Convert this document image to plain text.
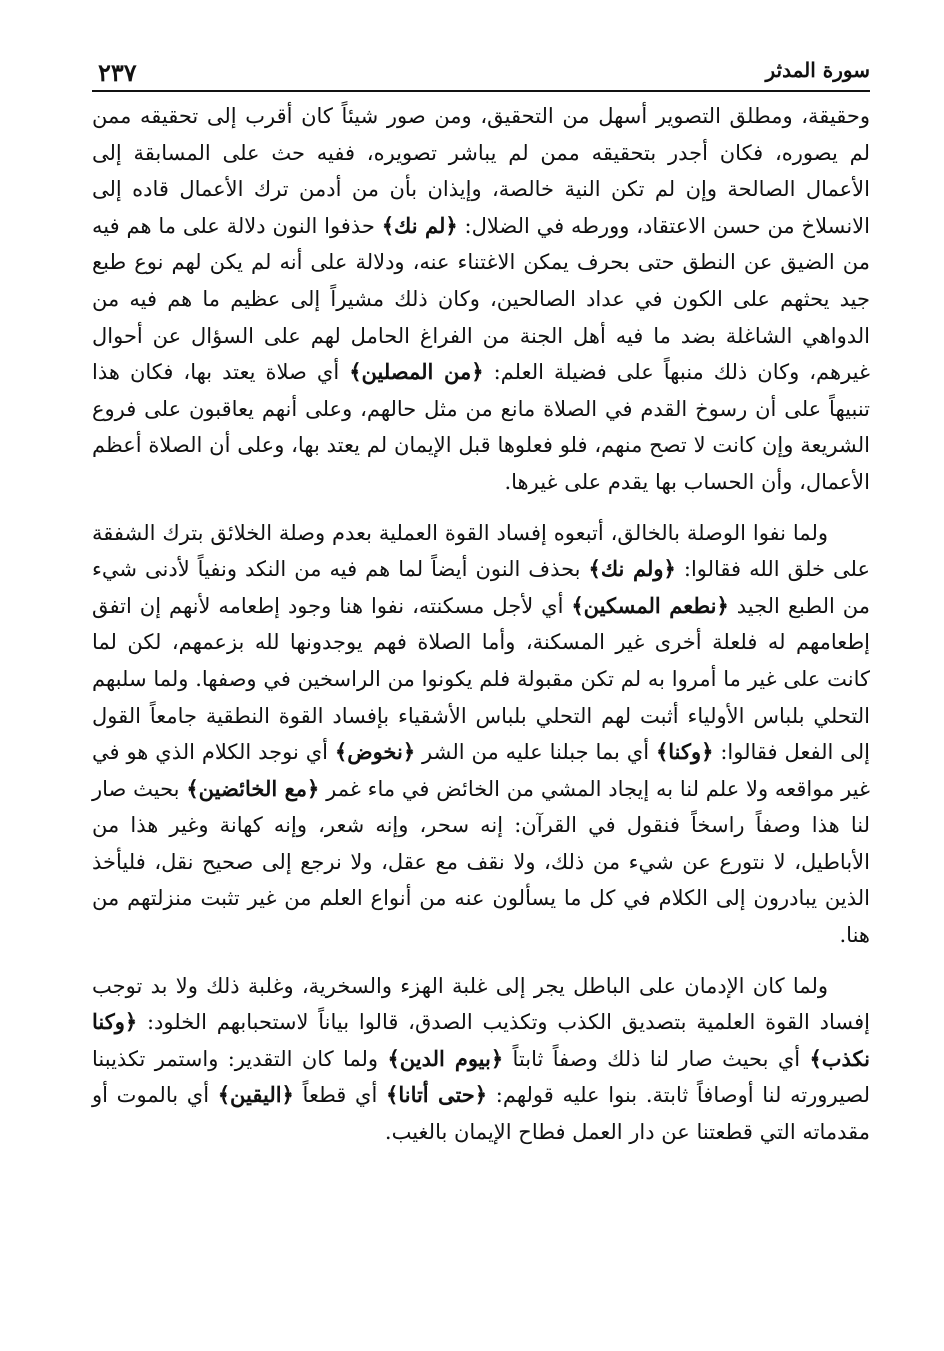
٢٣٧	سورة المدثر

وحقيقة، ومطلق التصوير أسهل من التحقيق، ومن صور شيئاً كان أقرب إلى تحقيقه ممن لم يصوره، فكان أجدر بتحقيقه ممن لم يباشر تصويره، ففيه حث على المسابقة إلى الأعمال الصالحة وإن لم تكن النية خالصة، وإيذان بأن من أدمن ترك الأعمال قاده إلى الانسلاخ من حسن الاعتقاد، وورطه في الضلال: ﴿لم نك﴾ حذفوا النون دلالة على ما هم فيه من الضيق عن النطق حتى بحرف يمكن الاغتناء عنه، ودلالة على أنه لم يكن لهم نوع طبع جيد يحثهم على الكون في عداد الصالحين، وكان ذلك مشيراً إلى عظيم ما هم فيه من الدواهي الشاغلة بضد ما فيه أهل الجنة من الفراغ الحامل لهم على السؤال عن أحوال غيرهم، وكان ذلك منبهاً على فضيلة العلم: ﴿من المصلين﴾ أي صلاة يعتد بها، فكان هذا تنبيهاً على أن رسوخ القدم في الصلاة مانع من مثل حالهم، وعلى أنهم يعاقبون على فروع الشريعة وإن كانت لا تصح منهم، فلو فعلوها قبل الإيمان لم يعتد بها، وعلى أن الصلاة أعظم الأعمال، وأن الحساب بها يقدم على غيرها.

ولما نفوا الوصلة بالخالق، أتبعوه إفساد القوة العملية بعدم وصلة الخلائق بترك الشفقة على خلق الله فقالوا: ﴿ولم نك﴾ بحذف النون أيضاً لما هم فيه من النكد ونفياً لأدنى شيء من الطبع الجيد ﴿نطعم المسكين﴾ أي لأجل مسكنته، نفوا هنا وجود إطعامه لأنهم إن اتفق إطعامهم له فلعلة أخرى غير المسكنة، وأما الصلاة فهم يوجدونها لله بزعمهم، لكن لما كانت على غير ما أمروا به لم تكن مقبولة فلم يكونوا من الراسخين في وصفها. ولما سلبهم التحلي بلباس الأولياء أثبت لهم التحلي بلباس الأشقياء بإفساد القوة النطقية جامعاً القول إلى الفعل فقالوا: ﴿وكنا﴾ أي بما جبلنا عليه من الشر ﴿نخوض﴾ أي نوجد الكلام الذي هو في غير مواقعه ولا علم لنا به إيجاد المشي من الخائض في ماء غمر ﴿مع الخائضين﴾ بحيث صار لنا هذا وصفاً راسخاً فنقول في القرآن: إنه سحر، وإنه شعر، وإنه كهانة وغير هذا من الأباطيل، لا نتورع عن شيء من ذلك، ولا نقف مع عقل، ولا نرجع إلى صحيح نقل، فليأخذ الذين يبادرون إلى الكلام في كل ما يسألون عنه من أنواع العلم من غير تثبت منزلتهم من هنا.

ولما كان الإدمان على الباطل يجر إلى غلبة الهزء والسخرية، وغلبة ذلك ولا بد توجب إفساد القوة العلمية بتصديق الكذب وتكذيب الصدق، قالوا بياناً لاستحبابهم الخلود: ﴿وكنا نكذب﴾ أي بحيث صار لنا ذلك وصفاً ثابتاً ﴿بيوم الدين﴾ ولما كان التقدير: واستمر تكذيبنا لصيرورته لنا أوصافاً ثابتة. بنوا عليه قولهم: ﴿حتى أتانا﴾ أي قطعاً ﴿اليقين﴾ أي بالموت أو مقدماته التي قطعتنا عن دار العمل فطاح الإيمان بالغيب.
